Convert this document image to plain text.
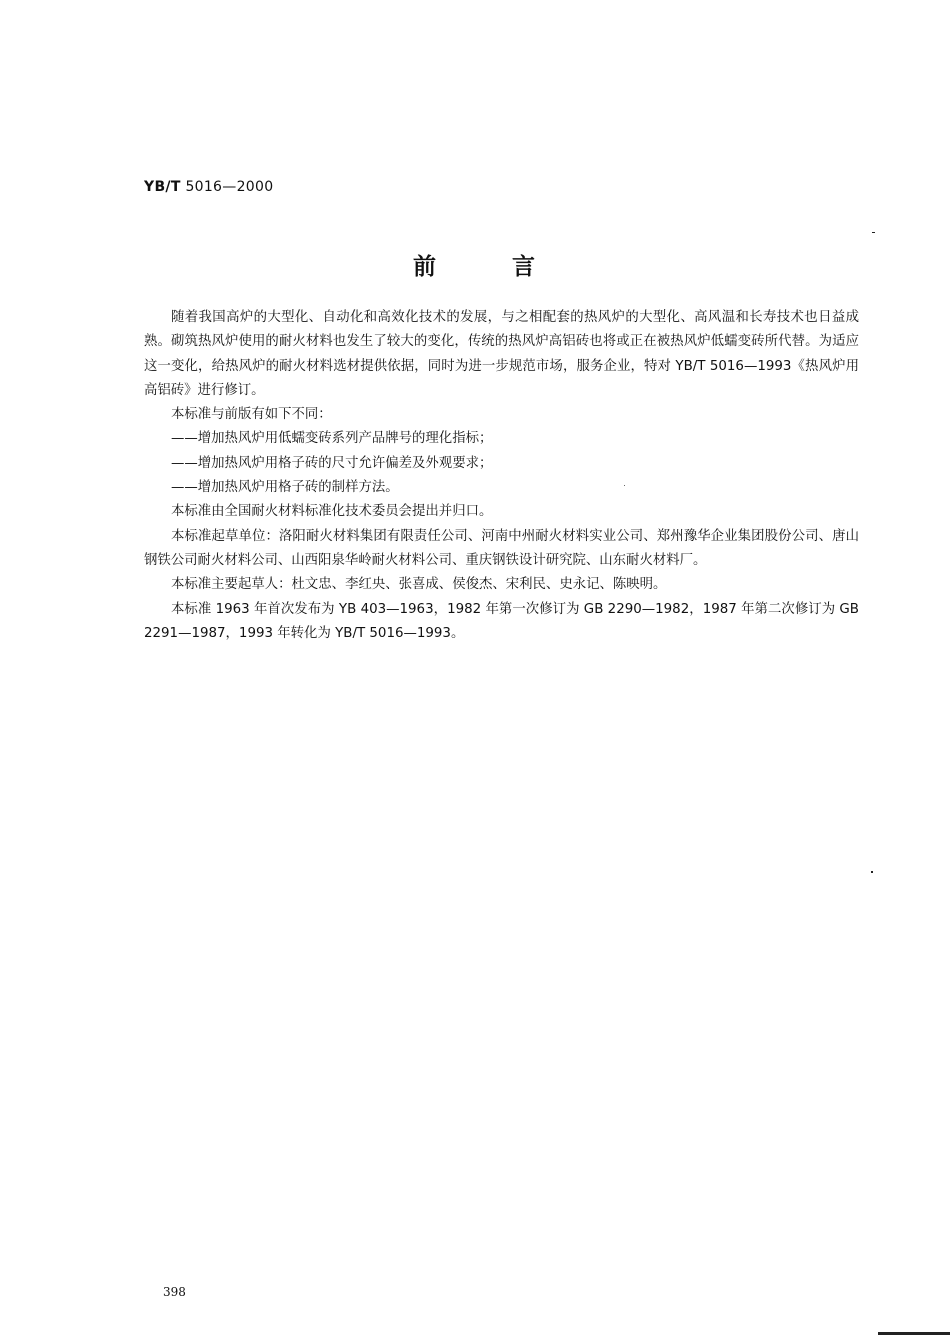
YB/T 5016—2000
前	言

随着我国高炉的大型化、自动化和高效化技术的发展，与之相配套的热风炉的大型化、高风温和长寿技术也日益成熟。砌筑热风炉使用的耐火材料也发生了较大的变化，传统的热风炉高铝砖也将或正在被热风炉低蠕变砖所代替。为适应这一变化，给热风炉的耐火材料选材提供依据，同时为进一步规范市场，服务企业，特对 YB/T 5016—1993《热风炉用高铝砖》进行修订。

本标准与前版有如下不同：

——增加热风炉用低蠕变砖系列产品牌号的理化指标；

——增加热风炉用格子砖的尺寸允许偏差及外观要求；

——增加热风炉用格子砖的制样方法。

本标准由全国耐火材料标准化技术委员会提出并归口。

本标准起草单位：洛阳耐火材料集团有限责任公司、河南中州耐火材料实业公司、郑州豫华企业集团股份公司、唐山钢铁公司耐火材料公司、山西阳泉华岭耐火材料公司、重庆钢铁设计研究院、山东耐火材料厂。

本标准主要起草人：杜文忠、李红央、张喜成、侯俊杰、宋利民、史永记、陈映明。

本标准 1963 年首次发布为 YB 403—1963，1982 年第一次修订为 GB 2290—1982，1987 年第二次修订为 GB 2291—1987，1993 年转化为 YB/T 5016—1993。

398
